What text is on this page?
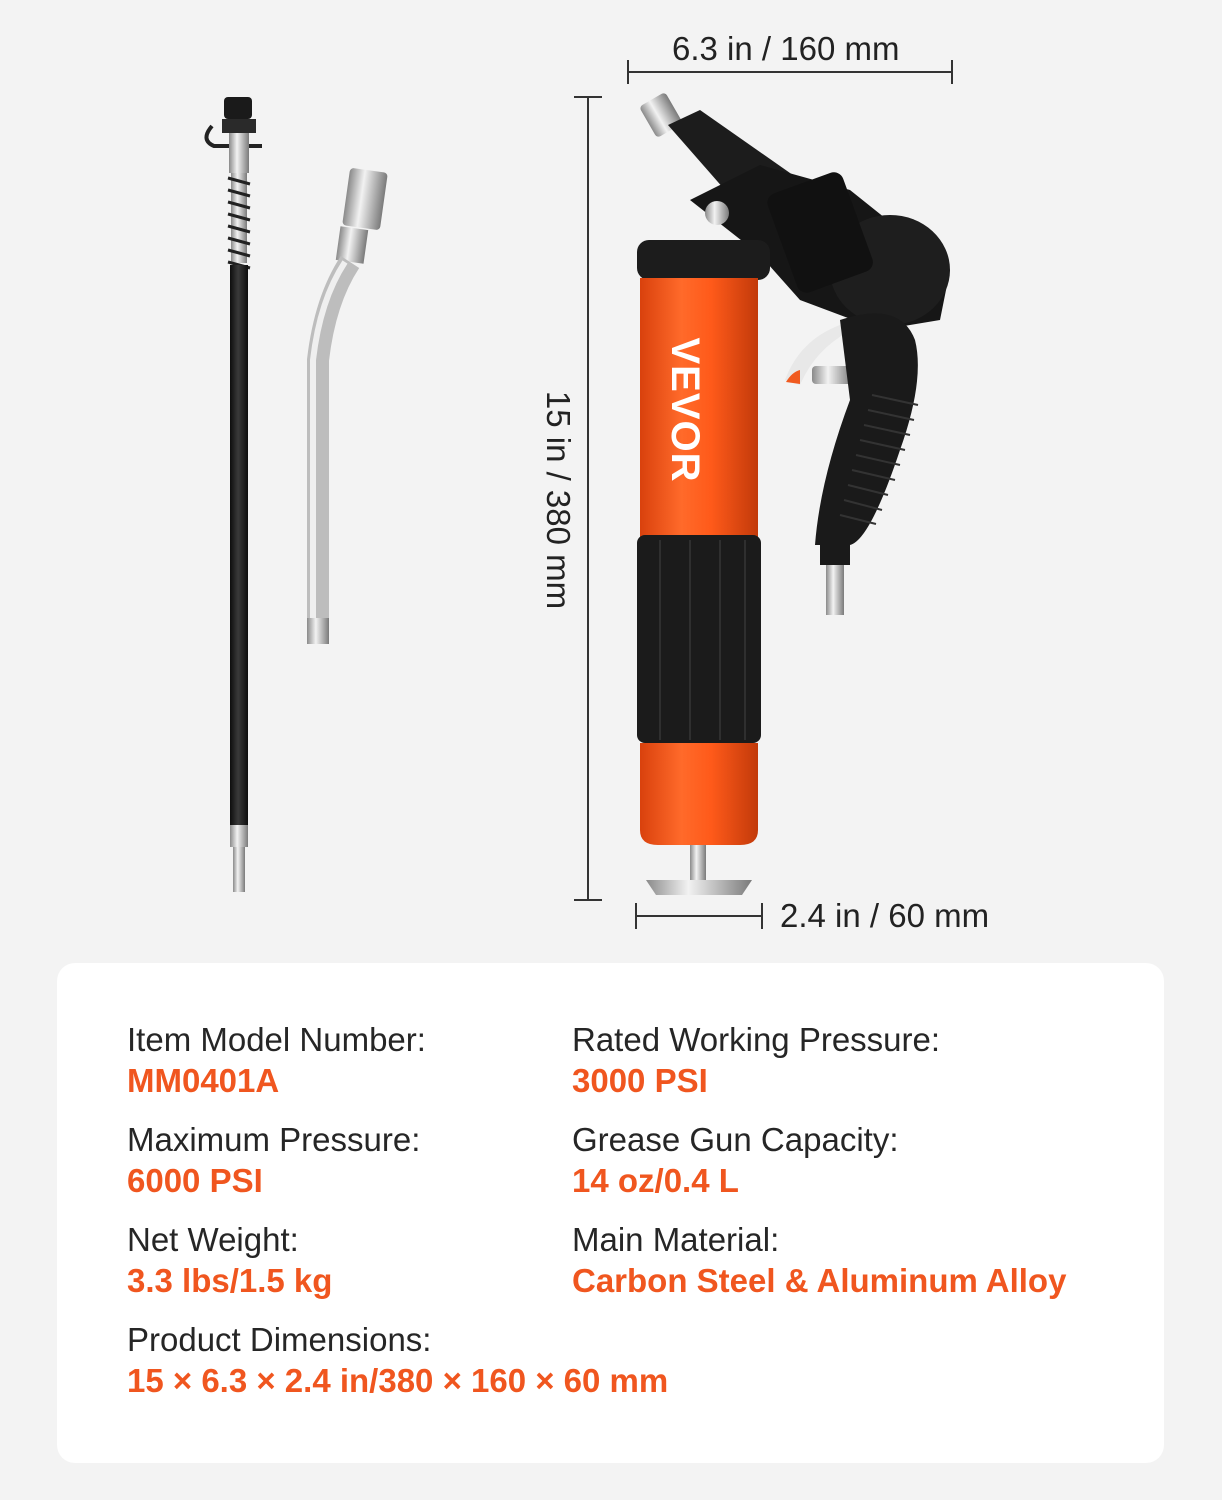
VEVOR
6.3 in / 160 mm
15 in / 380 mm
2.4 in / 60 mm
Item Model Number:
MM0401A
Rated Working Pressure:
3000 PSI
Maximum Pressure:
6000 PSI
Grease Gun Capacity:
14 oz/0.4 L
Net Weight:
3.3 lbs/1.5 kg
Main Material:
Carbon Steel & Aluminum Alloy
Product Dimensions:
15 × 6.3 × 2.4 in/380 × 160 × 60 mm
